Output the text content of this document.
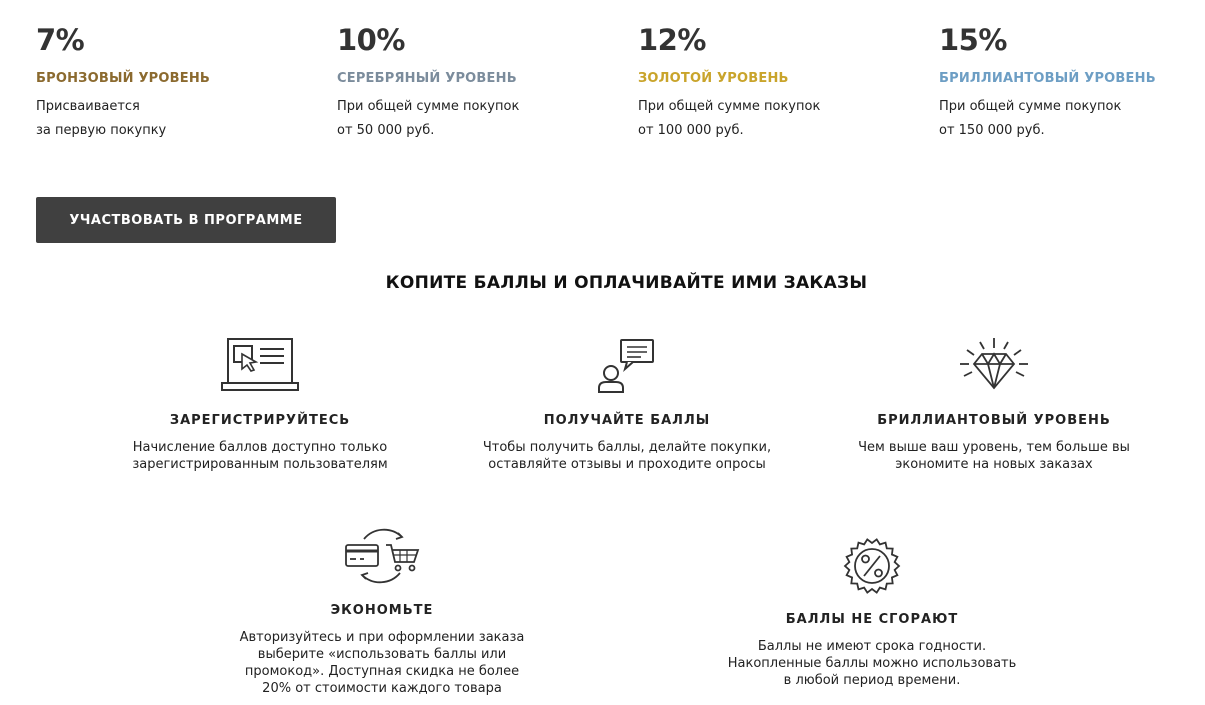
7%
БРОНЗОВЫЙ УРОВЕНЬ
Присваивается
за первую покупку
10%
СЕРЕБРЯНЫЙ УРОВЕНЬ
При общей сумме покупок
от 50 000 руб.
12%
ЗОЛОТОЙ УРОВЕНЬ
При общей сумме покупок
от 100 000 руб.
15%
БРИЛЛИАНТОВЫЙ УРОВЕНЬ
При общей сумме покупок
от 150 000 руб.
УЧАСТВОВАТЬ В ПРОГРАММЕ
КОПИТЕ БАЛЛЫ И ОПЛАЧИВАЙТЕ ИМИ ЗАКАЗЫ
ЗАРЕГИСТРИРУЙТЕСЬ
Начисление баллов доступно только
зарегистрированным пользователям
ПОЛУЧАЙТЕ БАЛЛЫ
Чтобы получить баллы, делайте покупки,
оставляйте отзывы и проходите опросы
БРИЛЛИАНТОВЫЙ УРОВЕНЬ
Чем выше ваш уровень, тем больше вы
экономите на новых заказах
ЭКОНОМЬТЕ
Авторизуйтесь и при оформлении заказа
выберите «использовать баллы или
промокод». Доступная скидка не более
20% от стоимости каждого товара
БАЛЛЫ НЕ СГОРАЮТ
Баллы не имеют срока годности.
Накопленные баллы можно использовать
в любой период времени.
